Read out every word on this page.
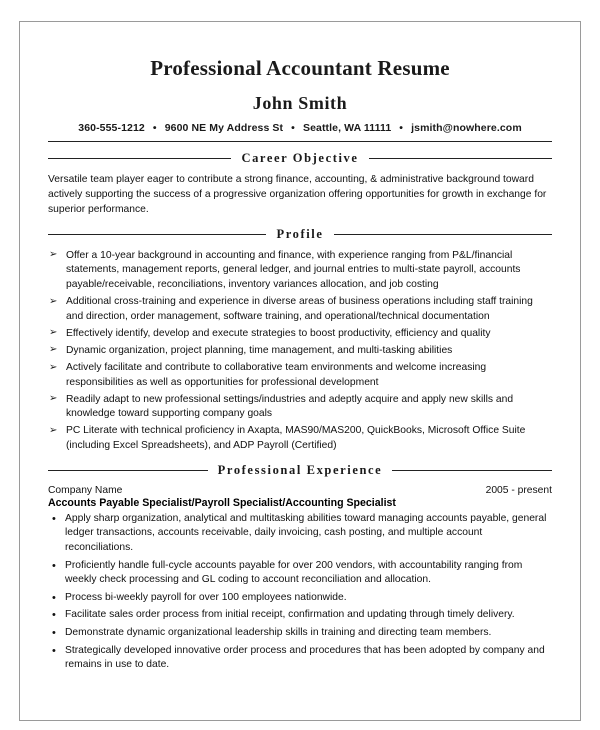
Professional Accountant Resume
John Smith
360-555-1212 • 9600 NE My Address St • Seattle, WA 11111 • jsmith@nowhere.com
Career Objective

Versatile team player eager to contribute a strong finance, accounting, & administrative background toward actively supporting the success of a progressive organization offering opportunities for growth in exchange for superior performance.

Profile
➢ Offer a 10-year background in accounting and finance, with experience ranging from P&L/financial statements, management reports, general ledger, and journal entries to multi-state payroll, accounts payable/receivable, reconciliations, inventory variances allocation, and job costing
➢ Additional cross-training and experience in diverse areas of business operations including staff training and direction, order management, software training, and operational/technical documentation
➢ Effectively identify, develop and execute strategies to boost productivity, efficiency and quality
➢ Dynamic organization, project planning, time management, and multi-tasking abilities
➢ Actively facilitate and contribute to collaborative team environments and welcome increasing responsibilities as well as opportunities for professional development
➢ Readily adapt to new professional settings/industries and adeptly acquire and apply new skills and knowledge toward supporting company goals
➢ PC Literate with technical proficiency in Axapta, MAS90/MAS200, QuickBooks, Microsoft Office Suite (including Excel Spreadsheets), and ADP Payroll (Certified)
Professional Experience
Company Name	2005 - present
Accounts Payable Specialist/Payroll Specialist/Accounting Specialist
• Apply sharp organization, analytical and multitasking abilities toward managing accounts payable, general ledger transactions, accounts receivable, daily invoicing, cash posting, and multiple account reconciliations.
• Proficiently handle full-cycle accounts payable for over 200 vendors, with accountability ranging from weekly check processing and GL coding to account reconciliation and allocation.
• Process bi-weekly payroll for over 100 employees nationwide.
• Facilitate sales order process from initial receipt, confirmation and updating through timely delivery.
• Demonstrate dynamic organizational leadership skills in training and directing team members.
• Strategically developed innovative order process and procedures that has been adopted by company and remains in use to date.
